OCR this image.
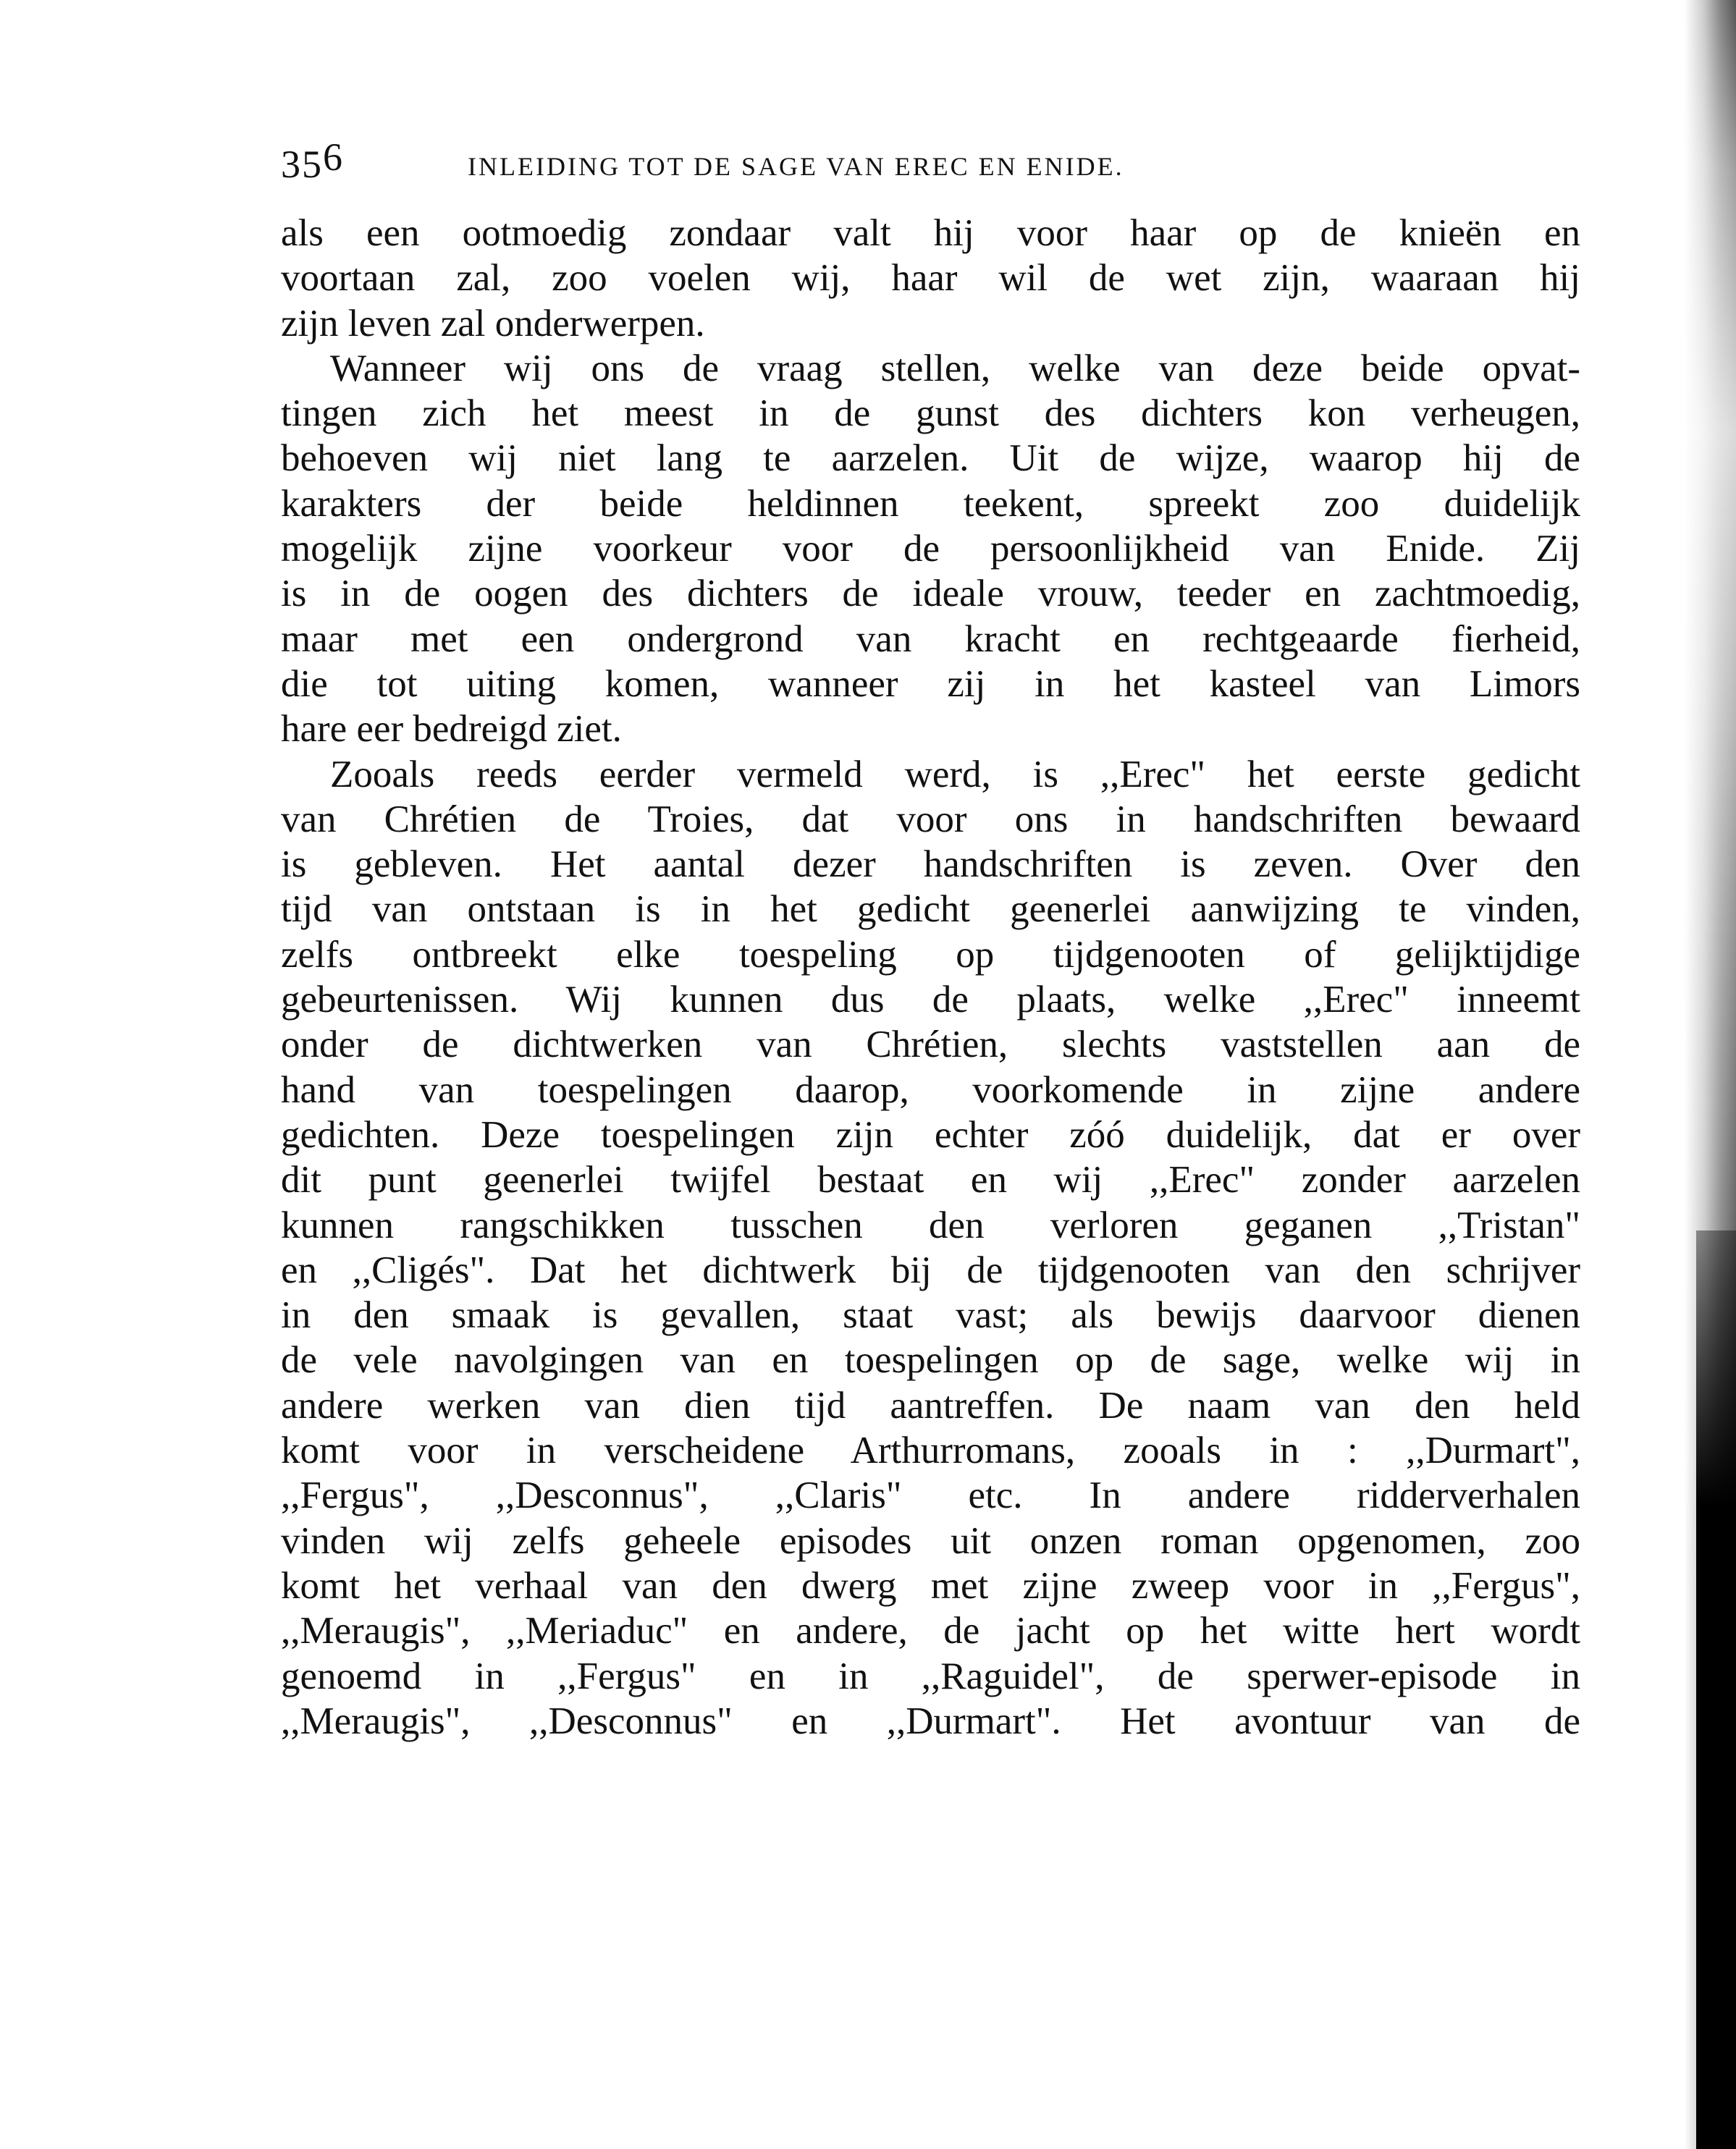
356	INLEIDING TOT DE SAGE VAN EREC EN ENIDE.
als een ootmoedig zondaar valt hij voor haar op de knieën en
voortaan zal, zoo voelen wij, haar wil de wet zijn, waaraan hij
zijn leven zal onderwerpen.
Wanneer wij ons de vraag stellen, welke van deze beide opvat-
tingen zich het meest in de gunst des dichters kon verheugen,
behoeven wij niet lang te aarzelen. Uit de wijze, waarop hij de
karakters der beide heldinnen teekent, spreekt zoo duidelijk
mogelijk zijne voorkeur voor de persoonlijkheid van Enide. Zij
is in de oogen des dichters de ideale vrouw, teeder en zachtmoedig,
maar met een ondergrond van kracht en rechtgeaarde fierheid,
die tot uiting komen, wanneer zij in het kasteel van Limors
hare eer bedreigd ziet.
Zooals reeds eerder vermeld werd, is ,,Erec" het eerste gedicht
van Chrétien de Troies, dat voor ons in handschriften bewaard
is gebleven. Het aantal dezer handschriften is zeven. Over den
tijd van ontstaan is in het gedicht geenerlei aanwijzing te vinden,
zelfs ontbreekt elke toespeling op tijdgenooten of gelijktijdige
gebeurtenissen. Wij kunnen dus de plaats, welke ,,Erec" inneemt
onder de dichtwerken van Chrétien, slechts vaststellen aan de
hand van toespelingen daarop, voorkomende in zijne andere
gedichten. Deze toespelingen zijn echter zóó duidelijk, dat er over
dit punt geenerlei twijfel bestaat en wij ,,Erec" zonder aarzelen
kunnen rangschikken tusschen den verloren geganen ,,Tristan"
en ,,Cligés". Dat het dichtwerk bij de tijdgenooten van den schrijver
in den smaak is gevallen, staat vast; als bewijs daarvoor dienen
de vele navolgingen van en toespelingen op de sage, welke wij in
andere werken van dien tijd aantreffen. De naam van den held
komt voor in verscheidene Arthurromans, zooals in : ,,Durmart",
,,Fergus", ,,Desconnus", ,,Claris" etc. In andere ridderverhalen
vinden wij zelfs geheele episodes uit onzen roman opgenomen, zoo
komt het verhaal van den dwerg met zijne zweep voor in ,,Fergus",
,,Meraugis", ,,Meriaduc" en andere, de jacht op het witte hert wordt
genoemd in ,,Fergus" en in ,,Raguidel", de sperwer-episode in
,,Meraugis", ,,Desconnus" en ,,Durmart". Het avontuur van de
